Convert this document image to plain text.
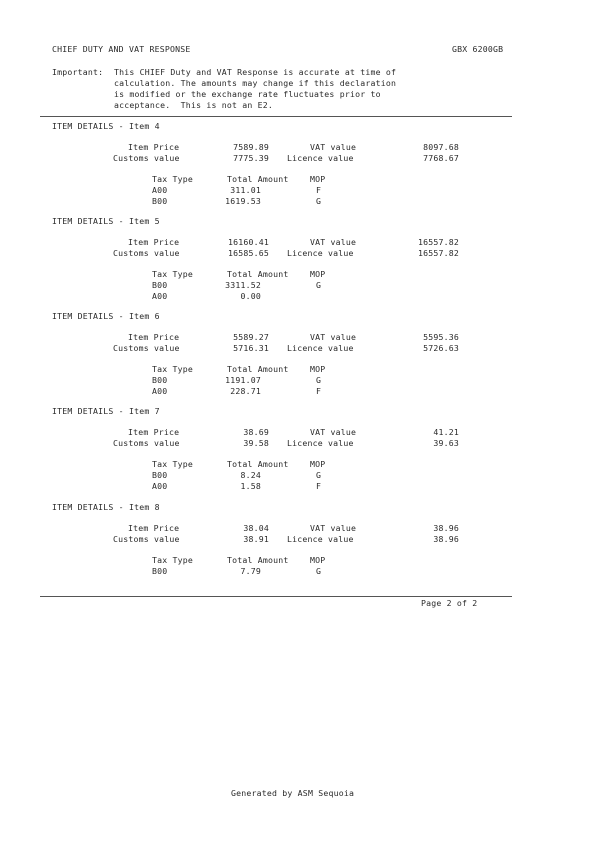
CHIEF DUTY AND VAT RESPONSE	GBX 6200GB
Important: This CHIEF Duty and VAT Response is accurate at time of
calculation. The amounts may change if this declaration
is modified or the exchange rate fluctuates prior to
acceptance.  This is not an E2.
ITEM DETAILS - Item 4
Item Price	7589.89	VAT value	8097.68
Customs value	7775.39 Licence value	7768.67
Tax Type	Total Amount	MOP
A00	311.01	F
B00	1619.53	G
ITEM DETAILS - Item 5
Item Price	16160.41	VAT value	16557.82
Customs value	16585.65 Licence value	16557.82
Tax Type	Total Amount	MOP
B00	3311.52	G
A00	0.00
ITEM DETAILS - Item 6
Item Price	5589.27	VAT value	5595.36
Customs value	5716.31 Licence value	5726.63
Tax Type	Total Amount	MOP
B00	1191.07	G
A00	228.71	F
ITEM DETAILS - Item 7
Item Price	38.69	VAT value	41.21
Customs value	39.58 Licence value	39.63
Tax Type	Total Amount	MOP
B00	8.24	G
A00	1.58	F
ITEM DETAILS - Item 8
Item Price	38.04	VAT value	38.96
Customs value	38.91 Licence value	38.96
Tax Type	Total Amount	MOP
B00	7.79	G
Page 2 of 2
Generated by ASM Sequoia
